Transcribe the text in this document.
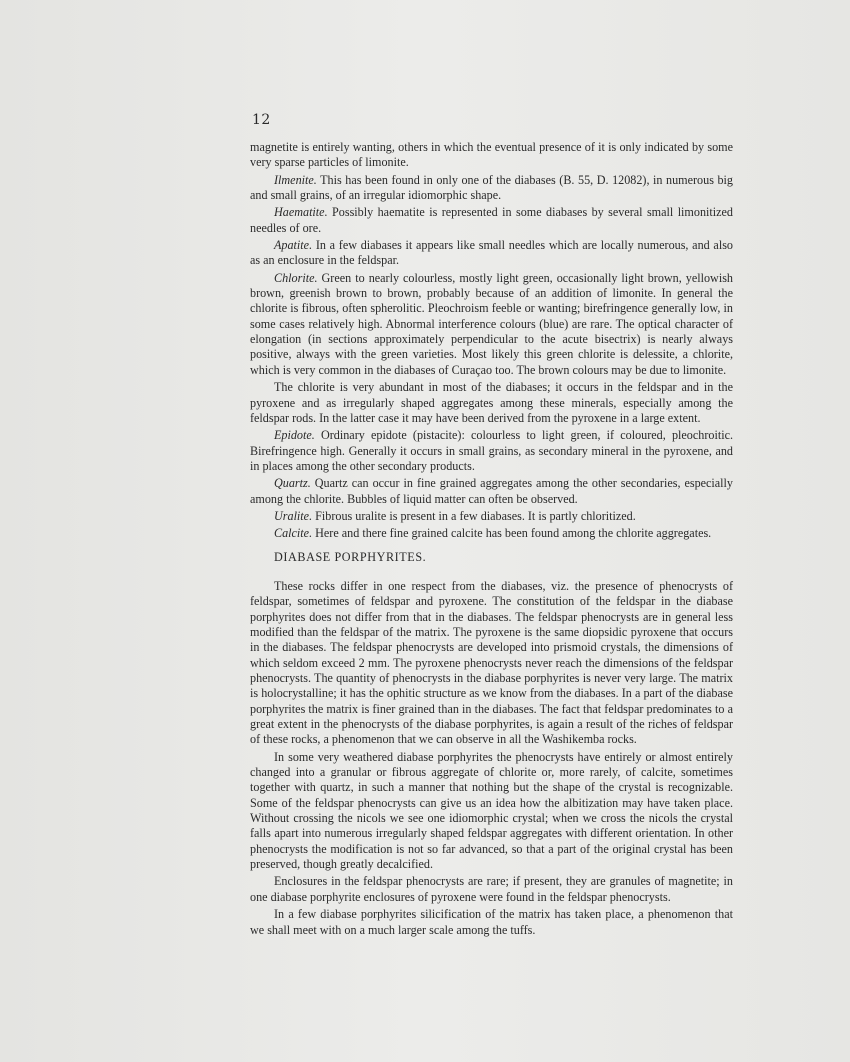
12

magnetite is entirely wanting, others in which the eventual presence of it is only indicated by some very sparse particles of limonite.

Ilmenite. This has been found in only one of the diabases (B. 55, D. 12082), in numerous big and small grains, of an irregular idiomorphic shape.

Haematite. Possibly haematite is represented in some diabases by several small limonitized needles of ore.

Apatite. In a few diabases it appears like small needles which are locally numerous, and also as an enclosure in the feldspar.

Chlorite. Green to nearly colourless, mostly light green, occasionally light brown, yellowish brown, greenish brown to brown, probably because of an addition of limonite. In general the chlorite is fibrous, often spherolitic. Pleochroism feeble or wanting; birefringence generally low, in some cases relatively high. Abnormal interference colours (blue) are rare. The optical character of elongation (in sections approximately perpendicular to the acute bisectrix) is nearly always positive, always with the green varieties. Most likely this green chlorite is delessite, a chlorite, which is very common in the diabases of Curaçao too. The brown colours may be due to limonite.

The chlorite is very abundant in most of the diabases; it occurs in the feldspar and in the pyroxene and as irregularly shaped aggregates among these minerals, especially among the feldspar rods. In the latter case it may have been derived from the pyroxene in a large extent.

Epidote. Ordinary epidote (pistacite): colourless to light green, if coloured, pleochroitic. Birefringence high. Generally it occurs in small grains, as secondary mineral in the pyroxene, and in places among the other secondary products.

Quartz. Quartz can occur in fine grained aggregates among the other secondaries, especially among the chlorite. Bubbles of liquid matter can often be observed.

Uralite. Fibrous uralite is present in a few diabases. It is partly chloritized.

Calcite. Here and there fine grained calcite has been found among the chlorite aggregates.

DIABASE PORPHYRITES.

These rocks differ in one respect from the diabases, viz. the presence of phenocrysts of feldspar, sometimes of feldspar and pyroxene. The constitution of the feldspar in the diabase porphyrites does not differ from that in the diabases. The feldspar phenocrysts are in general less modified than the feldspar of the matrix. The pyroxene is the same diopsidic pyroxene that occurs in the diabases. The feldspar phenocrysts are developed into prismoid crystals, the dimensions of which seldom exceed 2 mm. The pyroxene phenocrysts never reach the dimensions of the feldspar phenocrysts. The quantity of phenocrysts in the diabase porphyrites is never very large. The matrix is holocrystalline; it has the ophitic structure as we know from the diabases. In a part of the diabase porphyrites the matrix is finer grained than in the diabases. The fact that feldspar predominates to a great extent in the phenocrysts of the diabase porphyrites, is again a result of the riches of feldspar of these rocks, a phenomenon that we can observe in all the Washikemba rocks.

In some very weathered diabase porphyrites the phenocrysts have entirely or almost entirely changed into a granular or fibrous aggregate of chlorite or, more rarely, of calcite, sometimes together with quartz, in such a manner that nothing but the shape of the crystal is recognizable. Some of the feldspar phenocrysts can give us an idea how the albitization may have taken place. Without crossing the nicols we see one idiomorphic crystal; when we cross the nicols the crystal falls apart into numerous irregularly shaped feldspar aggregates with different orientation. In other phenocrysts the modification is not so far advanced, so that a part of the original crystal has been preserved, though greatly decalcified.

Enclosures in the feldspar phenocrysts are rare; if present, they are granules of magnetite; in one diabase porphyrite enclosures of pyroxene were found in the feldspar phenocrysts.

In a few diabase porphyrites silicification of the matrix has taken place, a phenomenon that we shall meet with on a much larger scale among the tuffs.
